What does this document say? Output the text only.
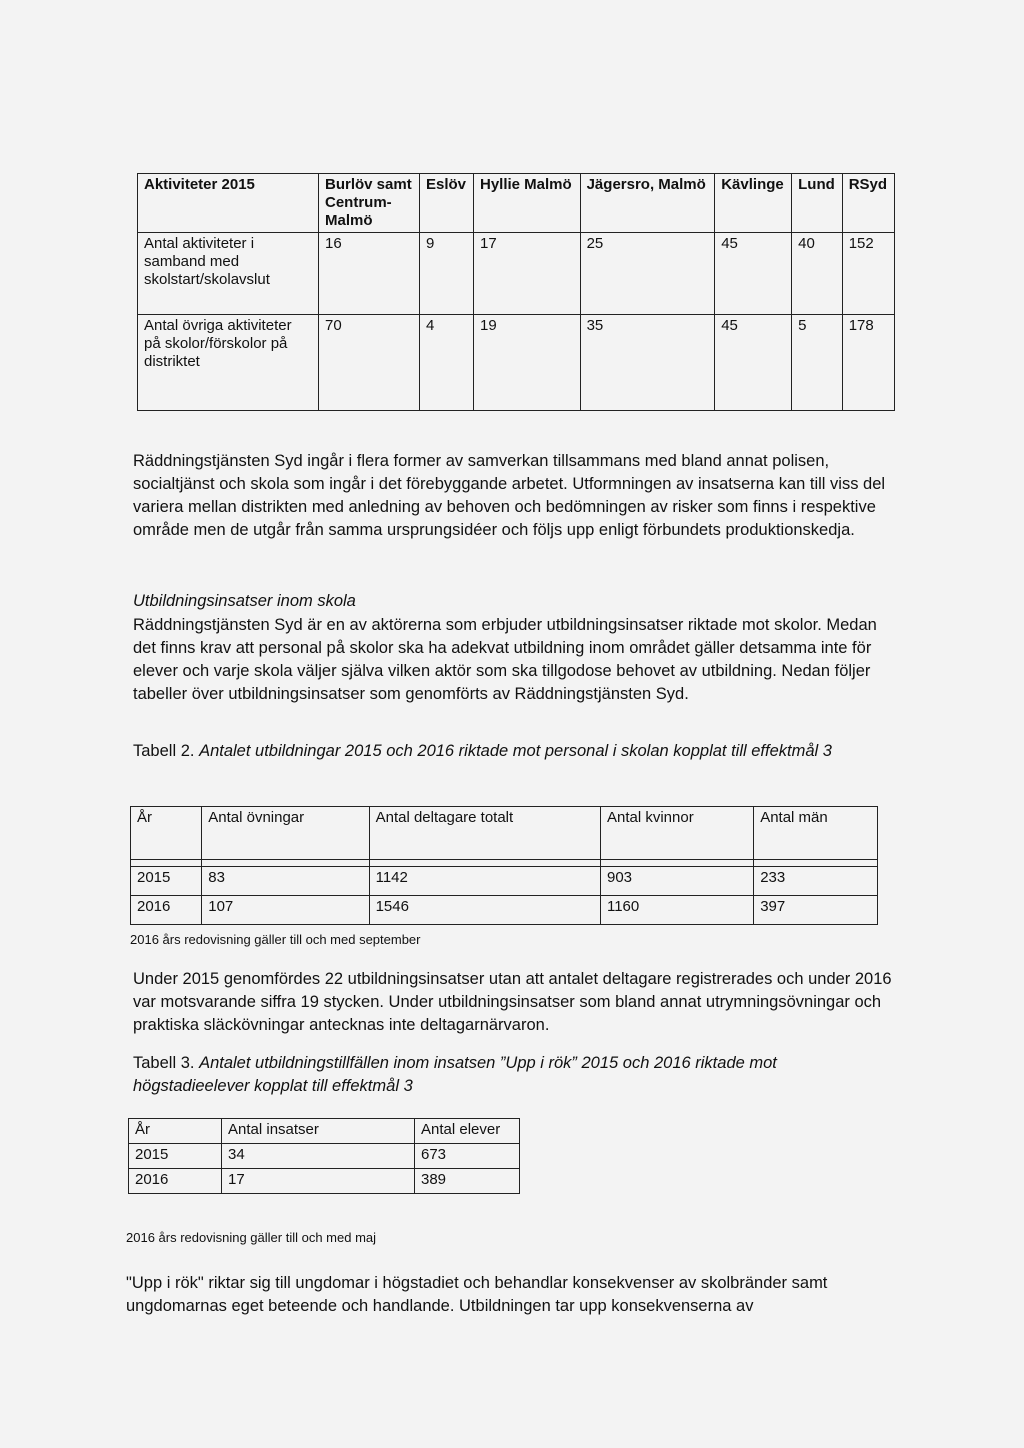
Aktiviteter 2015	Burlöv samt Centrum-Malmö	Eslöv	Hyllie Malmö	Jägersro, Malmö	Kävlinge	Lund	RSyd
Antal aktiviteter i samband med skolstart/skolavslut	16	9	17	25	45	40	152
Antal övriga aktiviteter på skolor/förskolor på distriktet	70	4	19	35	45	5	178

Räddningstjänsten Syd ingår i flera former av samverkan tillsammans med bland annat polisen, socialtjänst och skola som ingår i det förebyggande arbetet. Utformningen av insatserna kan till viss del variera mellan distrikten med anledning av behoven och bedömningen av risker som finns i respektive område men de utgår från samma ursprungsidéer och följs upp enligt förbundets produktionskedja.

Utbildningsinsatser inom skola

Räddningstjänsten Syd är en av aktörerna som erbjuder utbildningsinsatser riktade mot skolor. Medan det finns krav att personal på skolor ska ha adekvat utbildning inom området gäller detsamma inte för elever och varje skola väljer själva vilken aktör som ska tillgodose behovet av utbildning. Nedan följer tabeller över utbildningsinsatser som genomförts av Räddningstjänsten Syd.

Tabell 2. Antalet utbildningar 2015 och 2016 riktade mot personal i skolan kopplat till effektmål 3

År	Antal övningar	Antal deltagare totalt	Antal kvinnor	Antal män

2015	83	1142	903	233
2016	107	1546	1160	397
2016 års redovisning gäller till och med september

Under 2015 genomfördes 22 utbildningsinsatser utan att antalet deltagare registrerades och under 2016 var motsvarande siffra 19 stycken. Under utbildningsinsatser som bland annat utrymningsövningar och praktiska släckövningar antecknas inte deltagarnärvaron.

Tabell 3. Antalet utbildningstillfällen inom insatsen ”Upp i rök” 2015 och 2016 riktade mot högstadieelever kopplat till effektmål 3

År	Antal insatser	Antal elever
2015	34	673
2016	17	389
2016 års redovisning gäller till och med maj

"Upp i rök" riktar sig till ungdomar i högstadiet och behandlar konsekvenser av skolbränder samt ungdomarnas eget beteende och handlande. Utbildningen tar upp konsekvenserna av
